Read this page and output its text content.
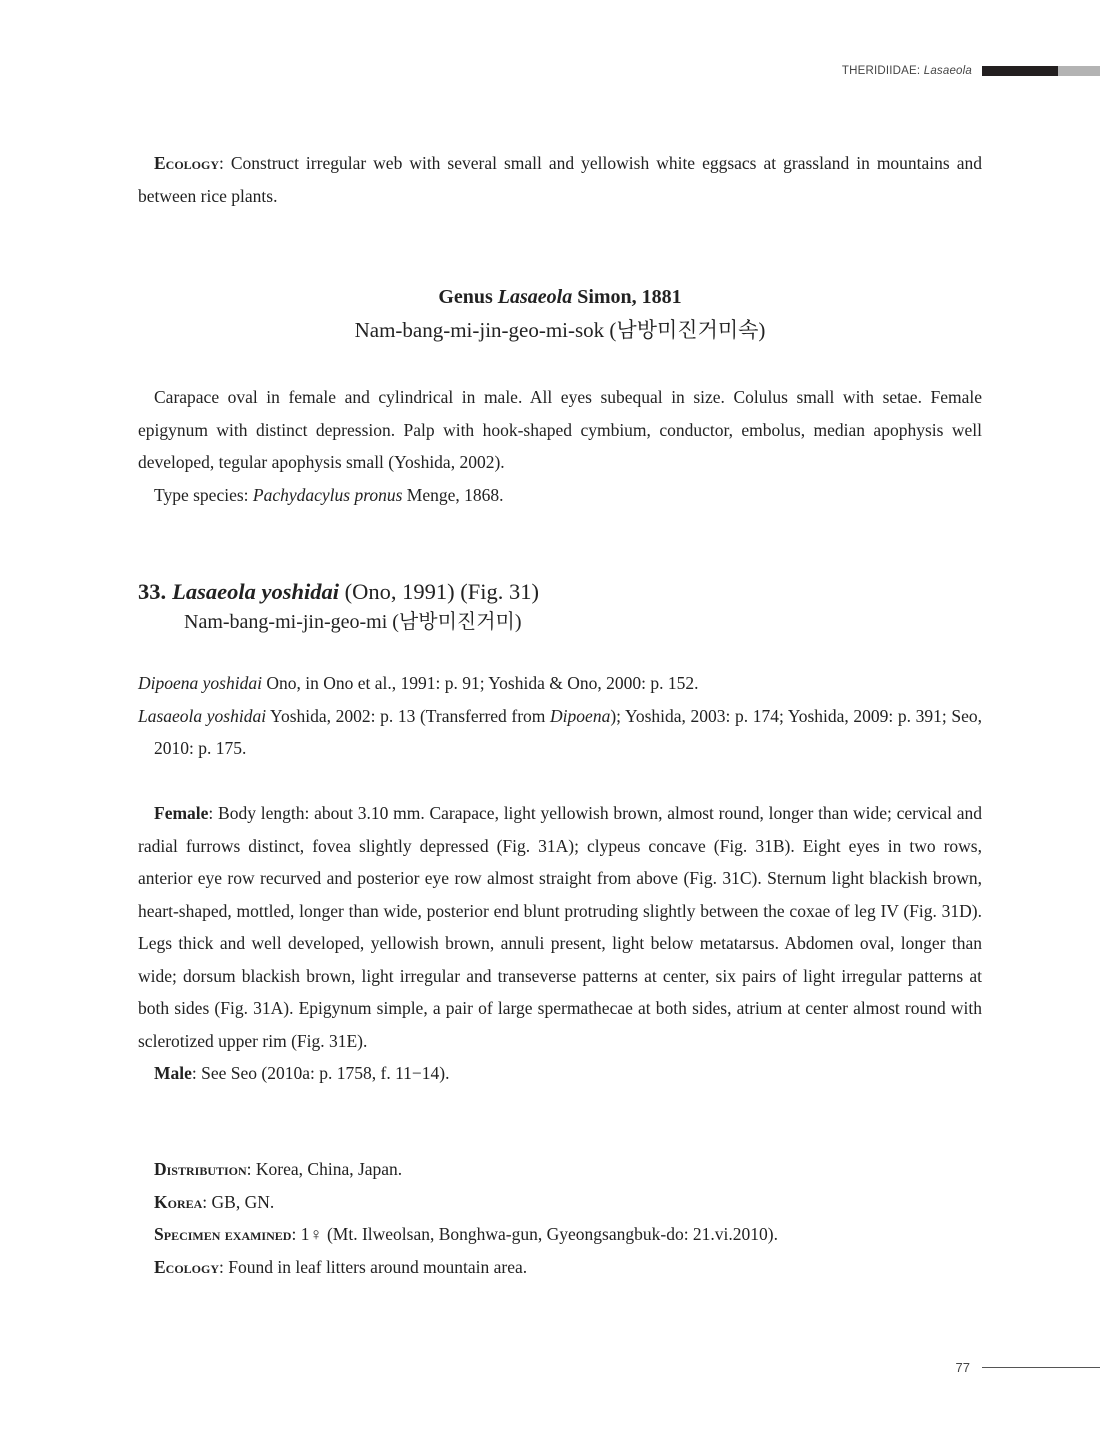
THERIDIIDAE: Lasaeola

Ecology: Construct irregular web with several small and yellowish white eggsacs at grassland in mountains and between rice plants.

Genus Lasaeola Simon, 1881
Nam-bang-mi-jin-geo-mi-sok (남방미진거미속)

Carapace oval in female and cylindrical in male. All eyes subequal in size. Colulus small with setae. Female epigynum with distinct depression. Palp with hook-shaped cymbium, conductor, embolus, median apophysis well developed, tegular apophysis small (Yoshida, 2002).

Type species: Pachydacylus pronus Menge, 1868.

33. Lasaeola yoshidai (Ono, 1991) (Fig. 31)
Nam-bang-mi-jin-geo-mi (남방미진거미)

Dipoena yoshidai Ono, in Ono et al., 1991: p. 91; Yoshida & Ono, 2000: p. 152.

Lasaeola yoshidai Yoshida, 2002: p. 13 (Transferred from Dipoena); Yoshida, 2003: p. 174; Yoshida, 2009: p. 391; Seo, 2010: p. 175.

Female: Body length: about 3.10 mm. Carapace, light yellowish brown, almost round, longer than wide; cervical and radial furrows distinct, fovea slightly depressed (Fig. 31A); clypeus concave (Fig. 31B). Eight eyes in two rows, anterior eye row recurved and posterior eye row almost straight from above (Fig. 31C). Sternum light blackish brown, heart-shaped, mottled, longer than wide, posterior end blunt protruding slightly between the coxae of leg IV (Fig. 31D). Legs thick and well developed, yellowish brown, annuli present, light below metatarsus. Abdomen oval, longer than wide; dorsum blackish brown, light irregular and transeverse patterns at center, six pairs of light irregular patterns at both sides (Fig. 31A). Epigynum simple, a pair of large spermathecae at both sides, atrium at center almost round with sclerotized upper rim (Fig. 31E).

Male: See Seo (2010a: p. 1758, f. 11−14).

Distribution: Korea, China, Japan.

Korea: GB, GN.

Specimen examined: 1♀ (Mt. Ilweolsan, Bonghwa-gun, Gyeongsangbuk-do: 21.vi.2010).

Ecology: Found in leaf litters around mountain area.

77
